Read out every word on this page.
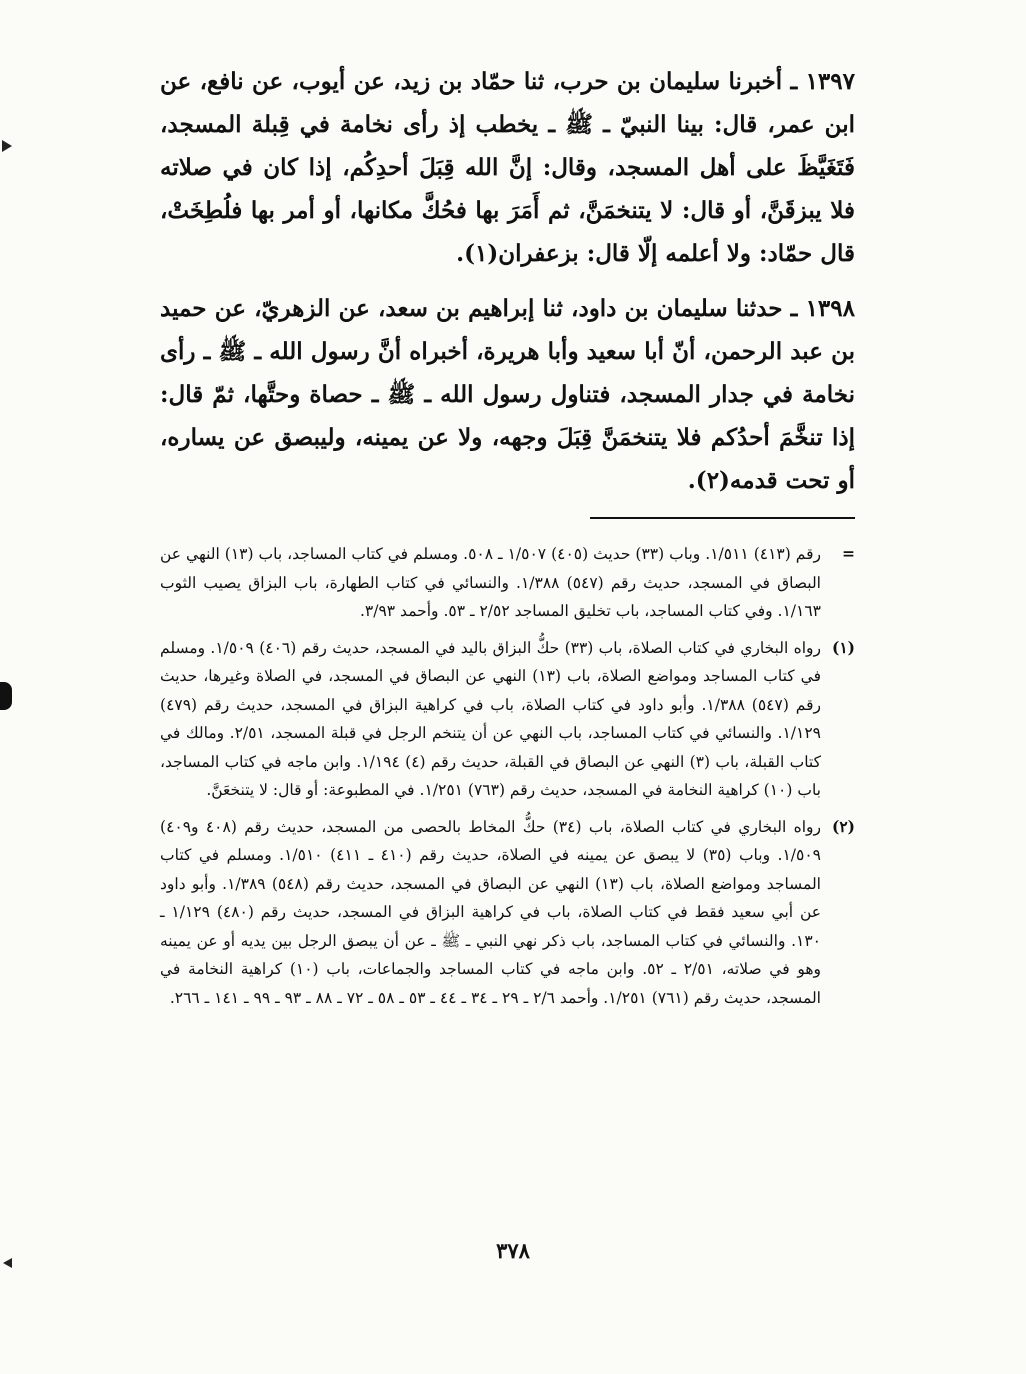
١٣٩٧ ـ أخبرنا سليمان بن حرب، ثنا حمّاد بن زيد، عن أيوب، عن نافع، عن ابن عمر، قال: بينا النبيّ ـ ﷺ ـ يخطب إذ رأى نخامة في قِبلة المسجد، فَتَغَيَّظَ على أهل المسجد، وقال: إنَّ الله قِبَلَ أحدِكُم، إذا كان في صلاته فلا يبزقَنَّ، أو قال: لا يتنخمَنَّ، ثم أَمَرَ بها فحُكَّ مكانها، أو أمر بها فلُطِخَتْ، قال حمّاد: ولا أعلمه إلّا قال: بزعفران(١).

١٣٩٨ ـ حدثنا سليمان بن داود، ثنا إبراهيم بن سعد، عن الزهريّ، عن حميد بن عبد الرحمن، أنّ أبا سعيد وأبا هريرة، أخبراه أنَّ رسول الله ـ ﷺ ـ رأى نخامة في جدار المسجد، فتناول رسول الله ـ ﷺ ـ حصاة وحتَّها، ثمّ قال: إذا تنخَّمَ أحدُكم فلا يتنخمَنَّ قِبَلَ وجهه، ولا عن يمينه، وليبصق عن يساره، أو تحت قدمه(٢).

=
رقم (٤١٣) ١/٥١١. وباب (٣٣) حديث (٤٠٥) ١/٥٠٧ ـ ٥٠٨. ومسلم في كتاب المساجد، باب (١٣) النهي عن البصاق في المسجد، حديث رقم (٥٤٧) ١/٣٨٨. والنسائي في كتاب الطهارة، باب البزاق يصيب الثوب ١/١٦٣. وفي كتاب المساجد، باب تخليق المساجد ٢/٥٢ ـ ٥٣. وأحمد ٣/٩٣.
(١)
رواه البخاري في كتاب الصلاة، باب (٣٣) حكُّ البزاق باليد في المسجد، حديث رقم (٤٠٦) ١/٥٠٩. ومسلم في كتاب المساجد ومواضع الصلاة، باب (١٣) النهي عن البصاق في المسجد، في الصلاة وغيرها، حديث رقم (٥٤٧) ١/٣٨٨. وأبو داود في كتاب الصلاة، باب في كراهية البزاق في المسجد، حديث رقم (٤٧٩) ١/١٢٩. والنسائي في كتاب المساجد، باب النهي عن أن يتنخم الرجل في قبلة المسجد، ٢/٥١. ومالك في كتاب القبلة، باب (٣) النهي عن البصاق في القبلة، حديث رقم (٤) ١/١٩٤. وابن ماجه في كتاب المساجد، باب (١٠) كراهية النخامة في المسجد، حديث رقم (٧٦٣) ١/٢٥١. في المطبوعة: أو قال: لا يتنخعَنَّ.
(٢)
رواه البخاري في كتاب الصلاة، باب (٣٤) حكُّ المخاط بالحصى من المسجد، حديث رقم (٤٠٨ و٤٠٩) ١/٥٠٩. وباب (٣٥) لا يبصق عن يمينه في الصلاة، حديث رقم (٤١٠ ـ ٤١١) ١/٥١٠. ومسلم في كتاب المساجد ومواضع الصلاة، باب (١٣) النهي عن البصاق في المسجد، حديث رقم (٥٤٨) ١/٣٨٩. وأبو داود عن أبي سعيد فقط في كتاب الصلاة، باب في كراهية البزاق في المسجد، حديث رقم (٤٨٠) ١/١٢٩ ـ ١٣٠. والنسائي في كتاب المساجد، باب ذكر نهي النبي ـ ﷺ ـ عن أن يبصق الرجل بين يديه أو عن يمينه وهو في صلاته، ٢/٥١ ـ ٥٢. وابن ماجه في كتاب المساجد والجماعات، باب (١٠) كراهية النخامة في المسجد، حديث رقم (٧٦١) ١/٢٥١. وأحمد ٢/٦ ـ ٢٩ ـ ٣٤ ـ ٤٤ ـ ٥٣ ـ ٥٨ ـ ٧٢ ـ ٨٨ ـ ٩٣ ـ ٩٩ ـ ١٤١ ـ ٢٦٦.
٣٧٨
